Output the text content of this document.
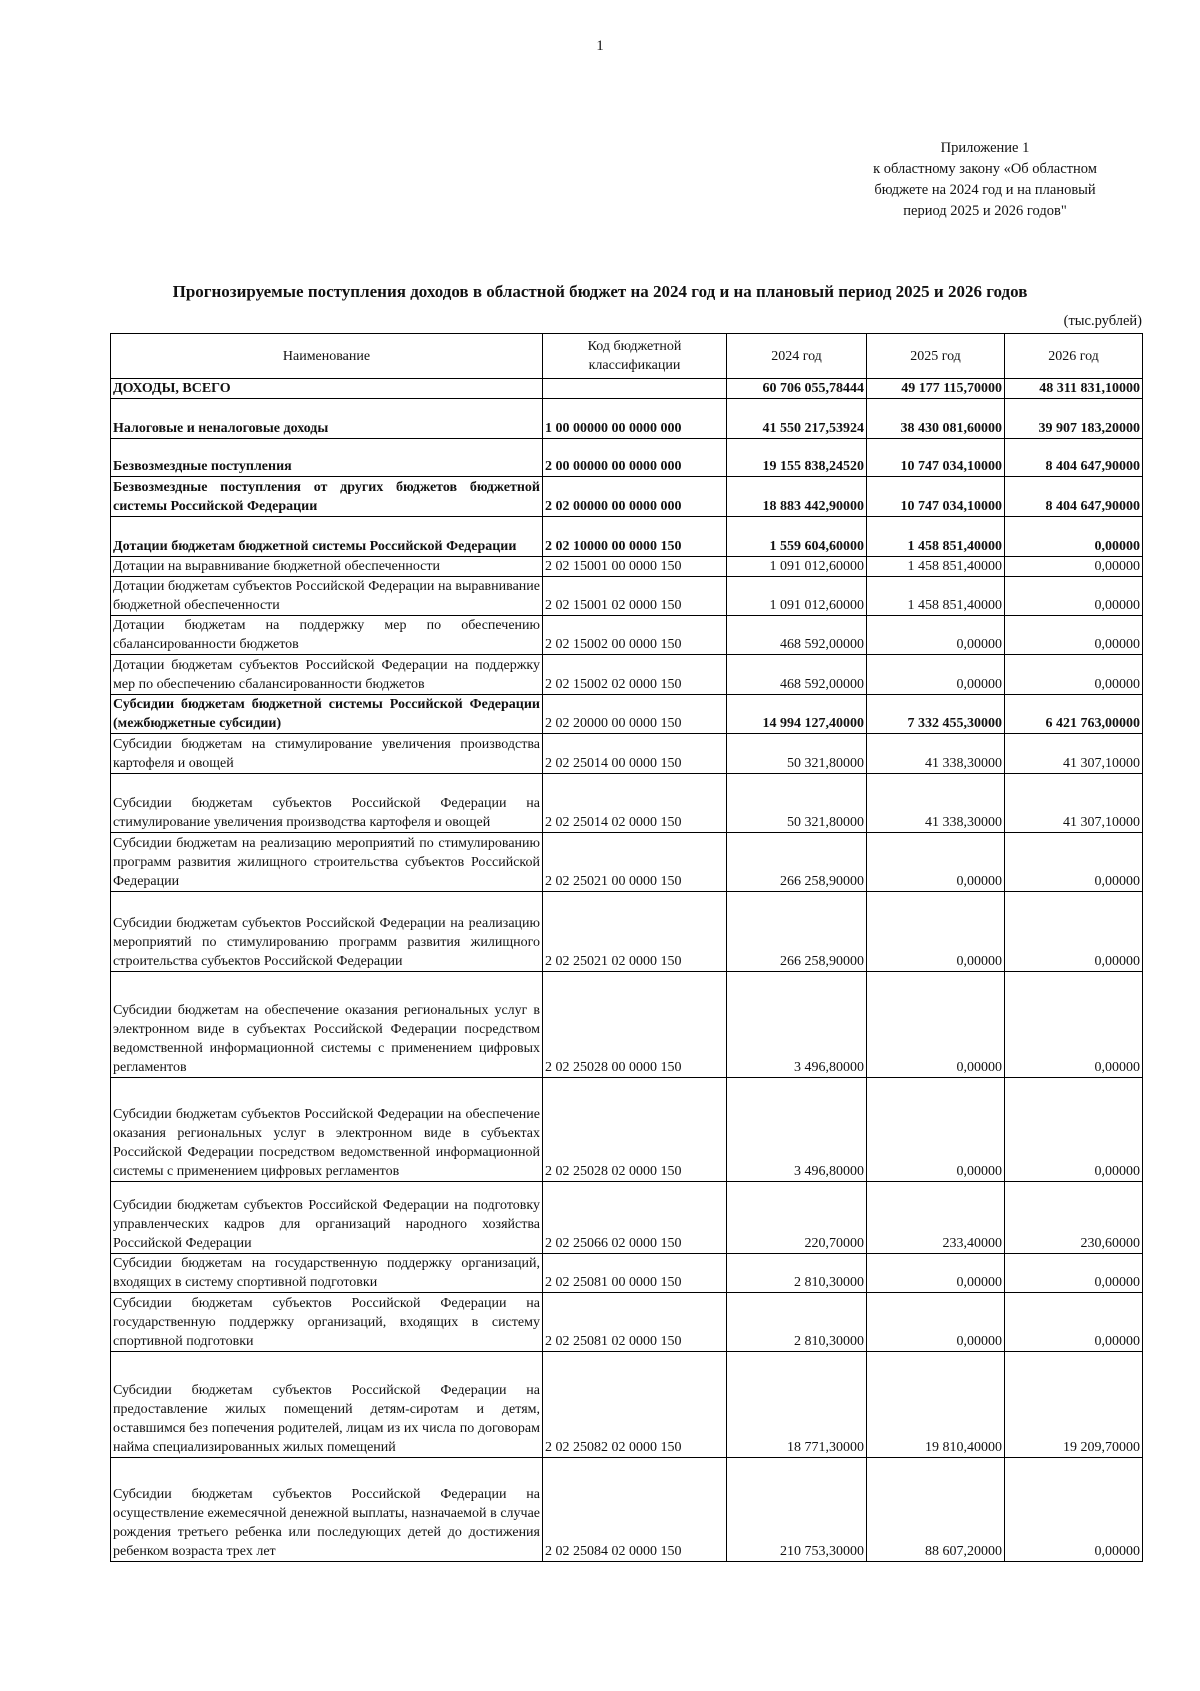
1
Приложение 1
к областному закону «Об областном
бюджете на 2024 год и на плановый
период 2025 и 2026 годов"
Прогнозируемые поступления доходов в областной бюджет на 2024 год и на плановый период 2025 и 2026 годов
(тыс.рублей)
Наименование	Код бюджетной классификации	2024 год	2025 год	2026 год
ДОХОДЫ, ВСЕГО		60 706 055,78444	49 177 115,70000	48 311 831,10000
Налоговые и неналоговые доходы	1 00 00000 00 0000 000	41 550 217,53924	38 430 081,60000	39 907 183,20000
Безвозмездные поступления	2 00 00000 00 0000 000	19 155 838,24520	10 747 034,10000	8 404 647,90000
Безвозмездные поступления от других бюджетов бюджетной системы Российской Федерации	2 02 00000 00 0000 000	18 883 442,90000	10 747 034,10000	8 404 647,90000
Дотации бюджетам бюджетной системы Российской Федерации	2 02 10000 00 0000 150	1 559 604,60000	1 458 851,40000	0,00000
Дотации на выравнивание бюджетной обеспеченности	2 02 15001 00 0000 150	1 091 012,60000	1 458 851,40000	0,00000
Дотации бюджетам субъектов Российской Федерации на выравнивание бюджетной обеспеченности	2 02 15001 02 0000 150	1 091 012,60000	1 458 851,40000	0,00000
Дотации бюджетам на поддержку мер по обеспечению сбалансированности бюджетов	2 02 15002 00 0000 150	468 592,00000	0,00000	0,00000
Дотации бюджетам субъектов Российской Федерации на поддержку мер по обеспечению сбалансированности бюджетов	2 02 15002 02 0000 150	468 592,00000	0,00000	0,00000
Субсидии бюджетам бюджетной системы Российской Федерации (межбюджетные субсидии)	2 02 20000 00 0000 150	14 994 127,40000	7 332 455,30000	6 421 763,00000
Субсидии бюджетам на стимулирование увеличения производства картофеля и овощей	2 02 25014 00 0000 150	50 321,80000	41 338,30000	41 307,10000
Субсидии бюджетам субъектов Российской Федерации на стимулирование увеличения производства картофеля и овощей	2 02 25014 02 0000 150	50 321,80000	41 338,30000	41 307,10000
Субсидии бюджетам на реализацию мероприятий по стимулированию программ развития жилищного строительства субъектов Российской Федерации	2 02 25021 00 0000 150	266 258,90000	0,00000	0,00000
Субсидии бюджетам субъектов Российской Федерации на реализацию мероприятий по стимулированию программ развития жилищного строительства субъектов Российской Федерации	2 02 25021 02 0000 150	266 258,90000	0,00000	0,00000
Субсидии бюджетам на обеспечение оказания региональных услуг в электронном виде в субъектах Российской Федерации посредством ведомственной информационной системы с применением цифровых регламентов	2 02 25028 00 0000 150	3 496,80000	0,00000	0,00000
Субсидии бюджетам субъектов Российской Федерации на обеспечение оказания региональных услуг в электронном виде в субъектах Российской Федерации посредством ведомственной информационной системы с применением цифровых регламентов	2 02 25028 02 0000 150	3 496,80000	0,00000	0,00000
Субсидии бюджетам субъектов Российской Федерации на подготовку управленческих кадров для организаций народного хозяйства Российской Федерации	2 02 25066 02 0000 150	220,70000	233,40000	230,60000
Субсидии бюджетам на государственную поддержку организаций, входящих в систему спортивной подготовки	2 02 25081 00 0000 150	2 810,30000	0,00000	0,00000
Субсидии бюджетам субъектов Российской Федерации на государственную поддержку организаций, входящих в систему спортивной подготовки	2 02 25081 02 0000 150	2 810,30000	0,00000	0,00000
Субсидии бюджетам субъектов Российской Федерации на предоставление жилых помещений детям-сиротам и детям, оставшимся без попечения родителей, лицам из их числа по договорам найма специализированных жилых помещений	2 02 25082 02 0000 150	18 771,30000	19 810,40000	19 209,70000
Субсидии бюджетам субъектов Российской Федерации на осуществление ежемесячной денежной выплаты, назначаемой в случае рождения третьего ребенка или последующих детей до достижения ребенком возраста трех лет	2 02 25084 02 0000 150	210 753,30000	88 607,20000	0,00000
